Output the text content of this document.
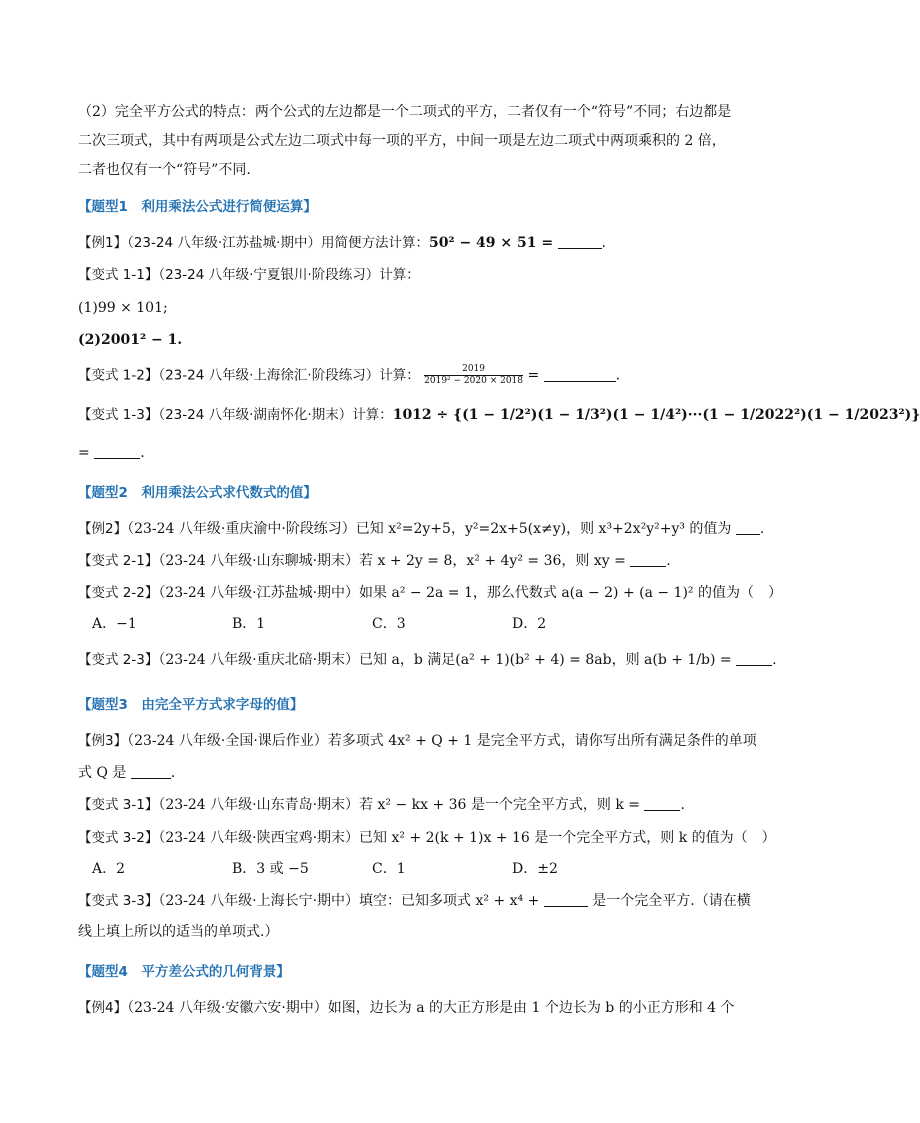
（2）完全平方公式的特点：两个公式的左边都是一个二项式的平方，二者仅有一个“符号”不同；右边都是
二次三项式，其中有两项是公式左边二项式中每一项的平方，中间一项是左边二项式中两项乘积的 2 倍，
二者也仅有一个“符号”不同.
【题型1　利用乘法公式进行简便运算】
【例1】（23-24 八年级·江苏盐城·期中）用简便方法计算：50² − 49 × 51 =	.
【变式 1-1】（23-24 八年级·宁夏银川·阶段练习）计算：
(1)99 × 101;
(2)2001² − 1.
【变式 1-2】（23-24 八年级·上海徐汇·阶段练习）计算： $\frac{2019}{\text{2019² − 2020 × 2018}}$ =	.
【变式 1-3】（23-24 八年级·湖南怀化·期末）计算：1012 ÷ {(1 − 1/2²)(1 − 1/3²)(1 − 1/4²)···(1 − 1/2022²)(1 − 1/2023²)}
=	.
【题型2　利用乘法公式求代数式的值】
【例2】（23-24 八年级·重庆渝中·阶段练习）已知 x²=2y+5，y²=2x+5(x≠y)，则 x³+2x²y²+y³ 的值为 .
【变式 2-1】（23-24 八年级·山东聊城·期末）若 x + 2y = 8，x² + 4y² = 36，则 xy =	.
【变式 2-2】（23-24 八年级·江苏盐城·期中）如果 a² − 2a = 1，那么代数式 a(a − 2) + (a − 1)² 的值为（　）
A．−1	B．1	C．3	D．2
【变式 2-3】（23-24 八年级·重庆北碚·期末）已知 a，b 满足(a² + 1)(b² + 4) = 8ab，则 a(b + 1/b) =	.
【题型3　由完全平方式求字母的值】
【例3】（23-24 八年级·全国·课后作业）若多项式 4x² + Q + 1 是完全平方式，请你写出所有满足条件的单项
式 Q 是	.
【变式 3-1】（23-24 八年级·山东青岛·期末）若 x² − kx + 36 是一个完全平方式，则 k =	.
【变式 3-2】（23-24 八年级·陕西宝鸡·期末）已知 x² + 2(k + 1)x + 16 是一个完全平方式，则 k 的值为（　）
A．2	B．3 或 −5	C．1	D．±2
【变式 3-3】（23-24 八年级·上海长宁·期中）填空：已知多项式 x² + x⁴ +	是一个完全平方.（请在横
线上填上所以的适当的单项式.）
【题型4　平方差公式的几何背景】
【例4】（23-24 八年级·安徽六安·期中）如图，边长为 a 的大正方形是由 1 个边长为 b 的小正方形和 4 个
